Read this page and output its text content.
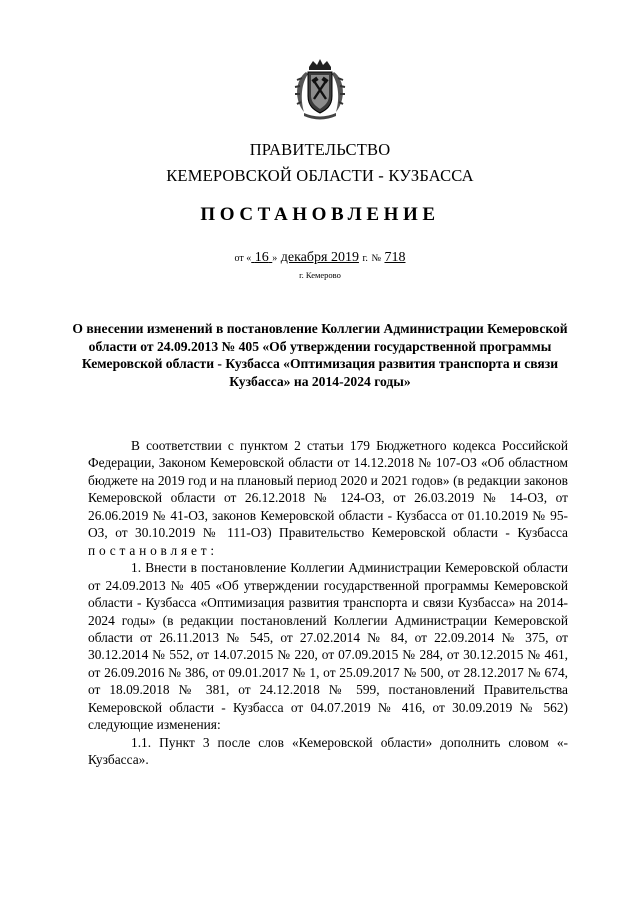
ПРАВИТЕЛЬСТВО
КЕМЕРОВСКОЙ ОБЛАСТИ - КУЗБАССА
ПОСТАНОВЛЕНИЕ
от « 16 » декабря 2019 г. № 718
г. Кемерово
О внесении изменений в постановление Коллегии Администрации Кемеровской области от 24.09.2013 № 405 «Об утверждении государственной программы Кемеровской области - Кузбасса «Оптимизация развития транспорта и связи Кузбасса» на 2014-2024 годы»

В соответствии с пунктом 2 статьи 179 Бюджетного кодекса Российской Федерации, Законом Кемеровской области от 14.12.2018 № 107-ОЗ «Об областном бюджете на 2019 год и на плановый период 2020 и 2021 годов» (в редакции законов Кемеровской области от 26.12.2018 № 124-ОЗ, от 26.03.2019 № 14-ОЗ, от 26.06.2019 № 41-ОЗ, законов Кемеровской области - Кузбасса от 01.10.2019 № 95-ОЗ, от 30.10.2019 № 111-ОЗ) Правительство Кемеровской области - Кузбасса постановляет:

1. Внести в постановление Коллегии Администрации Кемеровской области от 24.09.2013 № 405 «Об утверждении государственной программы Кемеровской области - Кузбасса «Оптимизация развития транспорта и связи Кузбасса» на 2014-2024 годы» (в редакции постановлений Коллегии Администрации Кемеровской области от 26.11.2013 № 545, от 27.02.2014 № 84, от 22.09.2014 № 375, от 30.12.2014 № 552, от 14.07.2015 № 220, от 07.09.2015 № 284, от 30.12.2015 № 461, от 26.09.2016 № 386, от 09.01.2017 № 1, от 25.09.2017 № 500, от 28.12.2017 № 674, от 18.09.2018 № 381, от 24.12.2018 № 599, постановлений Правительства Кемеровской области - Кузбасса от 04.07.2019 № 416, от 30.09.2019 № 562) следующие изменения:

1.1. Пункт 3 после слов «Кемеровской области» дополнить словом «- Кузбасса».
